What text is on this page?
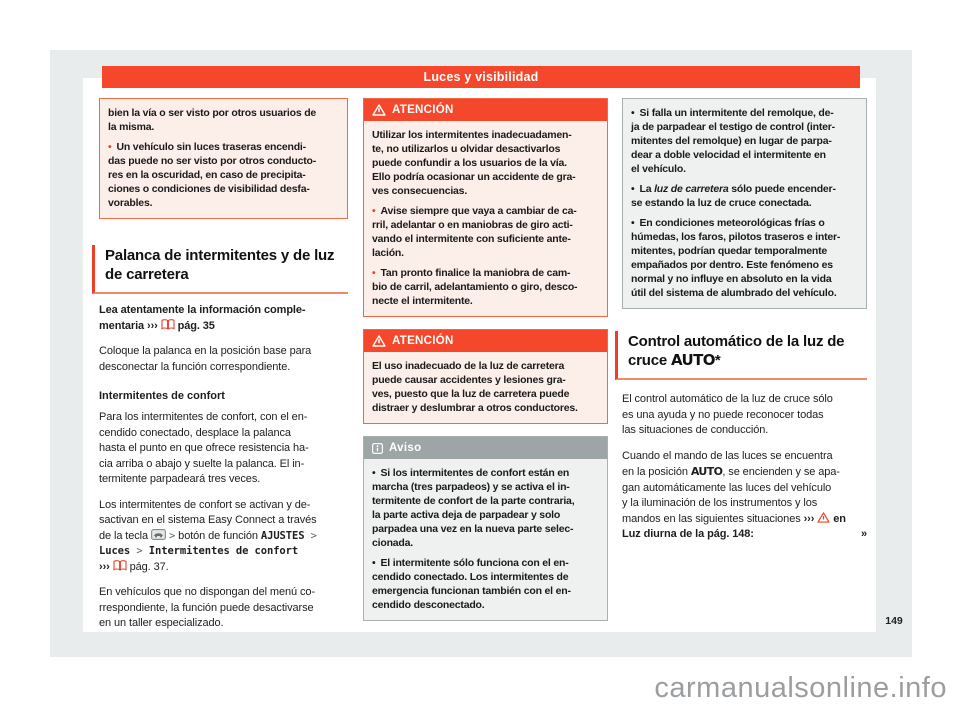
Luces y visibilidad

bien la vía o ser visto por otros usuarios de
la misma.

• Un vehículo sin luces traseras encendi-
das puede no ser visto por otros conducto-
res en la oscuridad, en caso de precipita-
ciones o condiciones de visibilidad desfa-
vorables.

Palanca de intermitentes y de luz
de carretera

Lea atentamente la información comple-
mentaria ›››  pág. 35

Coloque la palanca en la posición base para
desconectar la función correspondiente.

Intermitentes de confort

Para los intermitentes de confort, con el en-
cendido conectado, desplace la palanca
hasta el punto en que ofrece resistencia ha-
cia arriba o abajo y suelte la palanca. El in-
termitente parpadeará tres veces.

Los intermitentes de confort se activan y de-
sactivan en el sistema Easy Connect a través
de la tecla  > botón de función AJUSTES >
Luces > Intermitentes de confort
›››  pág. 37.

En vehículos que no dispongan del menú co-
rrespondiente, la función puede desactivarse
en un taller especializado.

ATENCIÓN

Utilizar los intermitentes inadecuadamen-
te, no utilizarlos u olvidar desactivarlos
puede confundir a los usuarios de la vía.
Ello podría ocasionar un accidente de gra-
ves consecuencias.

• Avise siempre que vaya a cambiar de ca-
rril, adelantar o en maniobras de giro acti-
vando el intermitente con suficiente ante-
lación.

• Tan pronto finalice la maniobra de cam-
bio de carril, adelantamiento o giro, desco-
necte el intermitente.

ATENCIÓN

El uso inadecuado de la luz de carretera
puede causar accidentes y lesiones gra-
ves, puesto que la luz de carretera puede
distraer y deslumbrar a otros conductores.

Aviso

• Si los intermitentes de confort están en
marcha (tres parpadeos) y se activa el in-
termitente de confort de la parte contraria,
la parte activa deja de parpadear y solo
parpadea una vez en la nueva parte selec-
cionada.

• El intermitente sólo funciona con el en-
cendido conectado. Los intermitentes de
emergencia funcionan también con el en-
cendido desconectado.

• Si falla un intermitente del remolque, de-
ja de parpadear el testigo de control (inter-
mitentes del remolque) en lugar de parpa-
dear a doble velocidad el intermitente en
el vehículo.

• La luz de carretera sólo puede encender-
se estando la luz de cruce conectada.

• En condiciones meteorológicas frías o
húmedas, los faros, pilotos traseros e inter-
mitentes, podrían quedar temporalmente
empañados por dentro. Este fenómeno es
normal y no influye en absoluto en la vida
útil del sistema de alumbrado del vehículo.

Control automático de la luz de
cruce AUTO*

El control automático de la luz de cruce sólo
es una ayuda y no puede reconocer todas
las situaciones de conducción.

Cuando el mando de las luces se encuentra
en la posición AUTO, se encienden y se apa-
gan automáticamente las luces del vehículo
y la iluminación de los instrumentos y los
mandos en las siguientes situaciones ››› en
Luz diurna de la pág. 148:	»

149
carmanualsonline.info
